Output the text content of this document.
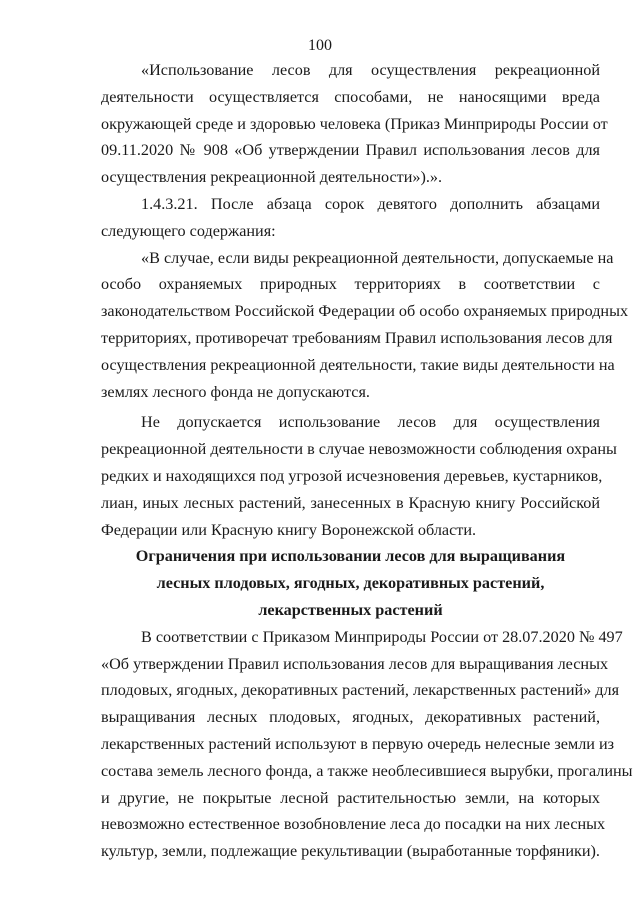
100
«Использование лесов для осуществления рекреационной
деятельности осуществляется способами, не наносящими вреда
окружающей среде и здоровью человека (Приказ Минприроды России от
09.11.2020 № 908 «Об утверждении Правил использования лесов для
осуществления рекреационной деятельности»).».
1.4.3.21. После абзаца сорок девятого дополнить абзацами
следующего содержания:
«В случае, если виды рекреационной деятельности, допускаемые на
особо охраняемых природных территориях в соответствии с
законодательством Российской Федерации об особо охраняемых природных
территориях, противоречат требованиям Правил использования лесов для
осуществления рекреационной деятельности, такие виды деятельности на
землях лесного фонда не допускаются.
Не допускается использование лесов для осуществления
рекреационной деятельности в случае невозможности соблюдения охраны
редких и находящихся под угрозой исчезновения деревьев, кустарников,
лиан, иных лесных растений, занесенных в Красную книгу Российской
Федерации или Красную книгу Воронежской области.
Ограничения при использовании лесов для выращивания
лесных плодовых, ягодных, декоративных растений,
лекарственных растений
В соответствии с Приказом Минприроды России от 28.07.2020 № 497
«Об утверждении Правил использования лесов для выращивания лесных
плодовых, ягодных, декоративных растений, лекарственных растений» для
выращивания лесных плодовых, ягодных, декоративных растений,
лекарственных растений используют в первую очередь нелесные земли из
состава земель лесного фонда, а также необлесившиеся вырубки, прогалины
и другие, не покрытые лесной растительностью земли, на которых
невозможно естественное возобновление леса до посадки на них лесных
культур, земли, подлежащие рекультивации (выработанные торфяники).
